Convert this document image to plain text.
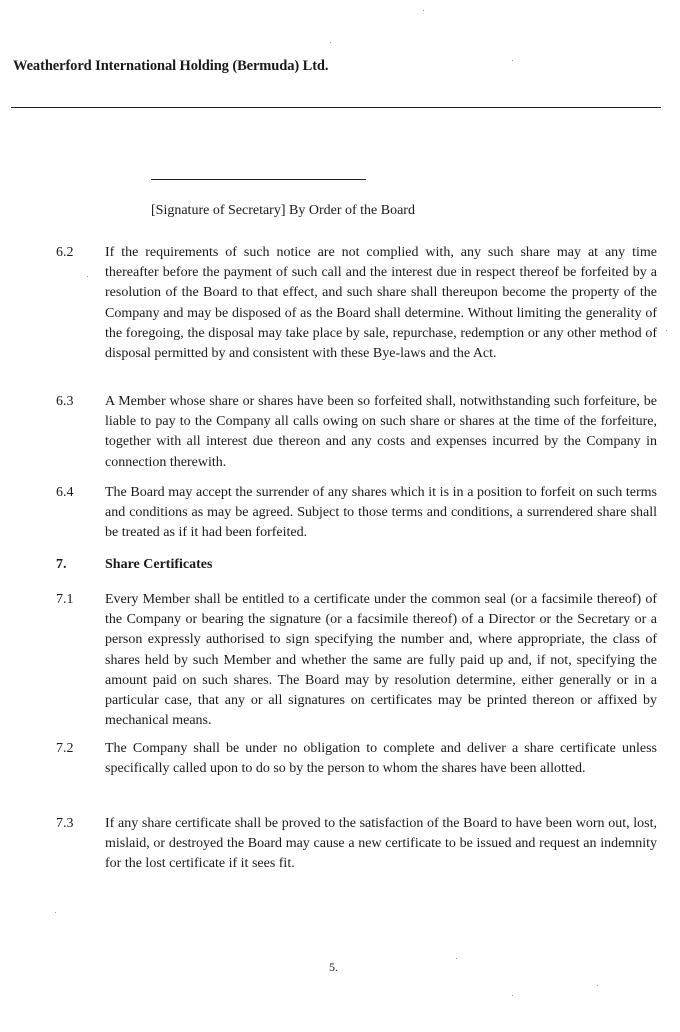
Weatherford International Holding (Bermuda) Ltd.
[Signature of Secretary] By Order of the Board
6.2 If the requirements of such notice are not complied with, any such share may at any time thereafter before the payment of such call and the interest due in respect thereof be forfeited by a resolution of the Board to that effect, and such share shall thereupon become the property of the Company and may be disposed of as the Board shall determine. Without limiting the generality of the foregoing, the disposal may take place by sale, repurchase, redemption or any other method of disposal permitted by and consistent with these Bye-laws and the Act.
6.3 A Member whose share or shares have been so forfeited shall, notwithstanding such forfeiture, be liable to pay to the Company all calls owing on such share or shares at the time of the forfeiture, together with all interest due thereon and any costs and expenses incurred by the Company in connection therewith.
6.4 The Board may accept the surrender of any shares which it is in a position to forfeit on such terms and conditions as may be agreed. Subject to those terms and conditions, a surrendered share shall be treated as if it had been forfeited.
7.	Share Certificates
7.1 Every Member shall be entitled to a certificate under the common seal (or a facsimile thereof) of the Company or bearing the signature (or a facsimile thereof) of a Director or the Secretary or a person expressly authorised to sign specifying the number and, where appropriate, the class of shares held by such Member and whether the same are fully paid up and, if not, specifying the amount paid on such shares. The Board may by resolution determine, either generally or in a particular case, that any or all signatures on certificates may be printed thereon or affixed by mechanical means.
7.2 The Company shall be under no obligation to complete and deliver a share certificate unless specifically called upon to do so by the person to whom the shares have been allotted.
7.3 If any share certificate shall be proved to the satisfaction of the Board to have been worn out, lost, mislaid, or destroyed the Board may cause a new certificate to be issued and request an indemnity for the lost certificate if it sees fit.
5.
